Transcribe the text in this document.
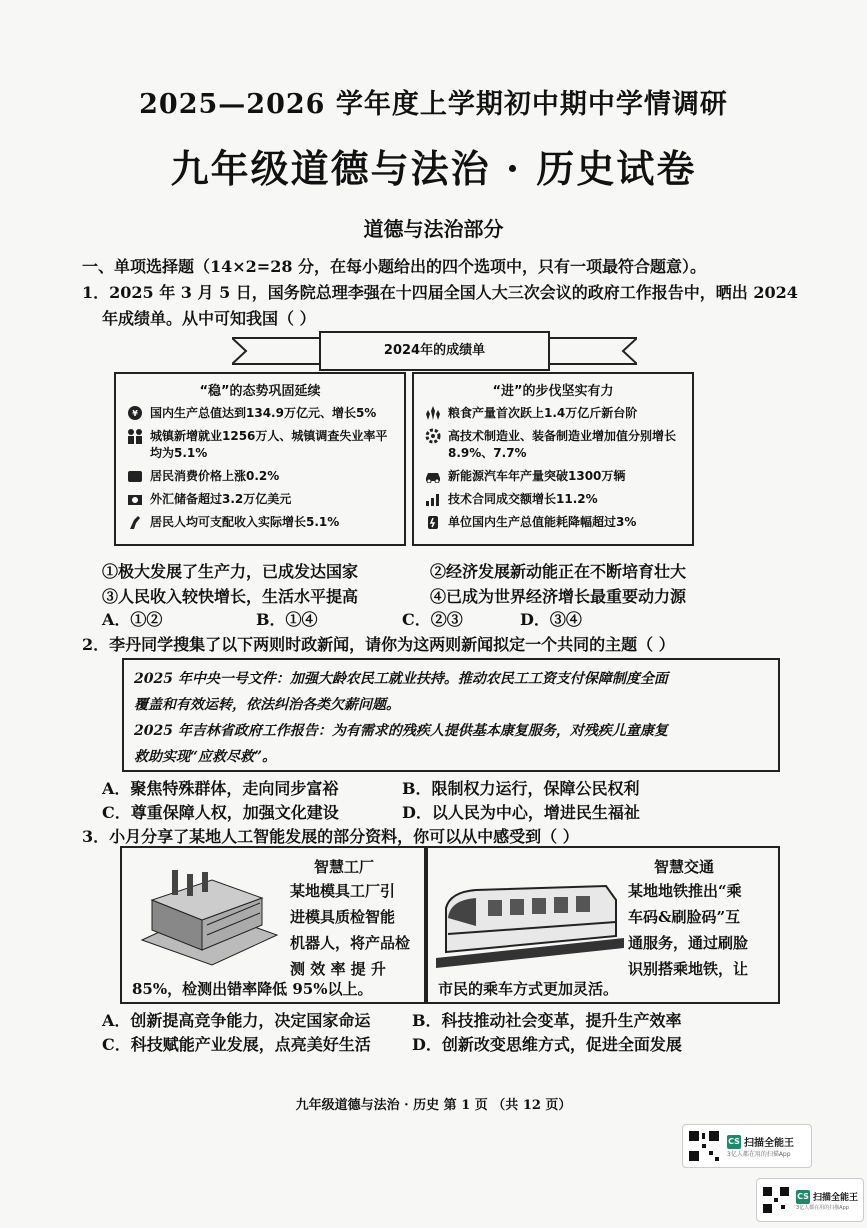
2025—2026 学年度上学期初中期中学情调研
九年级道德与法治 · 历史试卷
道德与法治部分
一、单项选择题（14×2=28 分，在每小题给出的四个选项中，只有一项最符合题意）。
1．2025 年 3 月 5 日，国务院总理李强在十四届全国人大三次会议的政府工作报告中，晒出 2024
年成绩单。从中可知我国（ ）
2024年的成绩单
“稳”的态势巩固延续
¥ 国内生产总值达到134.9万亿元、增长5%
城镇新增就业1256万人、城镇调查失业率平均为5.1%
居民消费价格上涨0.2%
外汇储备超过3.2万亿美元
居民人均可支配收入实际增长5.1%
“进”的步伐坚实有力
粮食产量首次跃上1.4万亿斤新台阶
高技术制造业、装备制造业增加值分别增长8.9%、7.7%
新能源汽车年产量突破1300万辆
技术合同成交额增长11.2%
单位国内生产总值能耗降幅超过3%
①极大发展了生产力，已成发达国家	②经济发展新动能正在不断培育壮大
③人民收入较快增长，生活水平提高	④已成为世界经济增长最重要动力源
A．①②	B．①④	C．②③	D．③④
2．李丹同学搜集了以下两则时政新闻，请你为这两则新闻拟定一个共同的主题（ ）
2025 年中央一号文件：加强大龄农民工就业扶持。推动农民工工资支付保障制度全面
覆盖和有效运转，依法纠治各类欠薪问题。
2025 年吉林省政府工作报告：为有需求的残疾人提供基本康复服务，对残疾儿童康复
救助实现“应救尽救”。
A．聚焦特殊群体，走向同步富裕	B．限制权力运行，保障公民权利
C．尊重保障人权，加强文化建设	D．以人民为中心，增进民生福祉
3．小月分享了某地人工智能发展的部分资料，你可以从中感受到（ ）
智慧工厂
某地模具工厂引
进模具质检智能
机器人，将产品检
测 效 率 提 升
85%，检测出错率降低 95%以上。
智慧交通
某地地铁推出“乘
车码&刷脸码”互
通服务，通过刷脸
识别搭乘地铁，让
市民的乘车方式更加灵活。
A．创新提高竞争能力，决定国家命运	B．科技推动社会变革，提升生产效率
C．科技赋能产业发展，点亮美好生活	D．创新改变思维方式，促进全面发展
九年级道德与法治 · 历史 第 1 页 （共 12 页）
CS 扫描全能王
3亿人都在用的扫描App
CS 扫描全能王
3亿人都在用的扫描App
